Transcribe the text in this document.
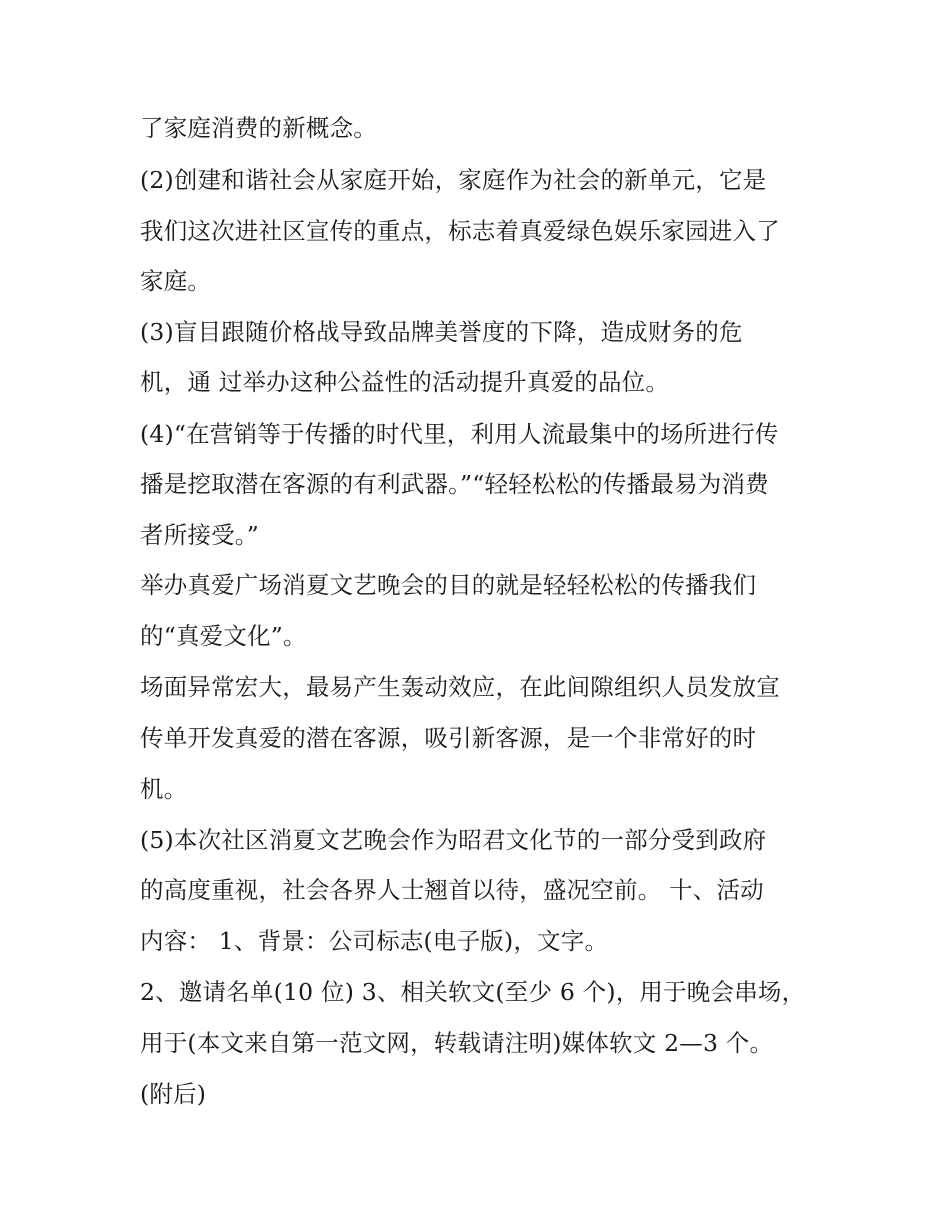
了家庭消费的新概念。
(2)创建和谐社会从家庭开始，家庭作为社会的新单元，它是
我们这次进社区宣传的重点，标志着真爱绿色娱乐家园进入了
家庭。
(3)盲目跟随价格战导致品牌美誉度的下降，造成财务的危
机，通 过举办这种公益性的活动提升真爱的品位。
(4)“在营销等于传播的时代里，利用人流最集中的场所进行传
播是挖取潜在客源的有利武器。”“轻轻松松的传播最易为消费
者所接受。”
举办真爱广场消夏文艺晚会的目的就是轻轻松松的传播我们
的“真爱文化”。
场面异常宏大，最易产生轰动效应，在此间隙组织人员发放宣
传单开发真爱的潜在客源，吸引新客源，是一个非常好的时
机。
(5)本次社区消夏文艺晚会作为昭君文化节的一部分受到政府
的高度重视，社会各界人士翘首以待，盛况空前。 十、活动
内容： 1、背景：公司标志(电子版)，文字。
2、邀请名单(10 位) 3、相关软文(至少 6 个)，用于晚会串场，
用于(本文来自第一范文网，转载请注明)媒体软文 2—3 个。
(附后)
